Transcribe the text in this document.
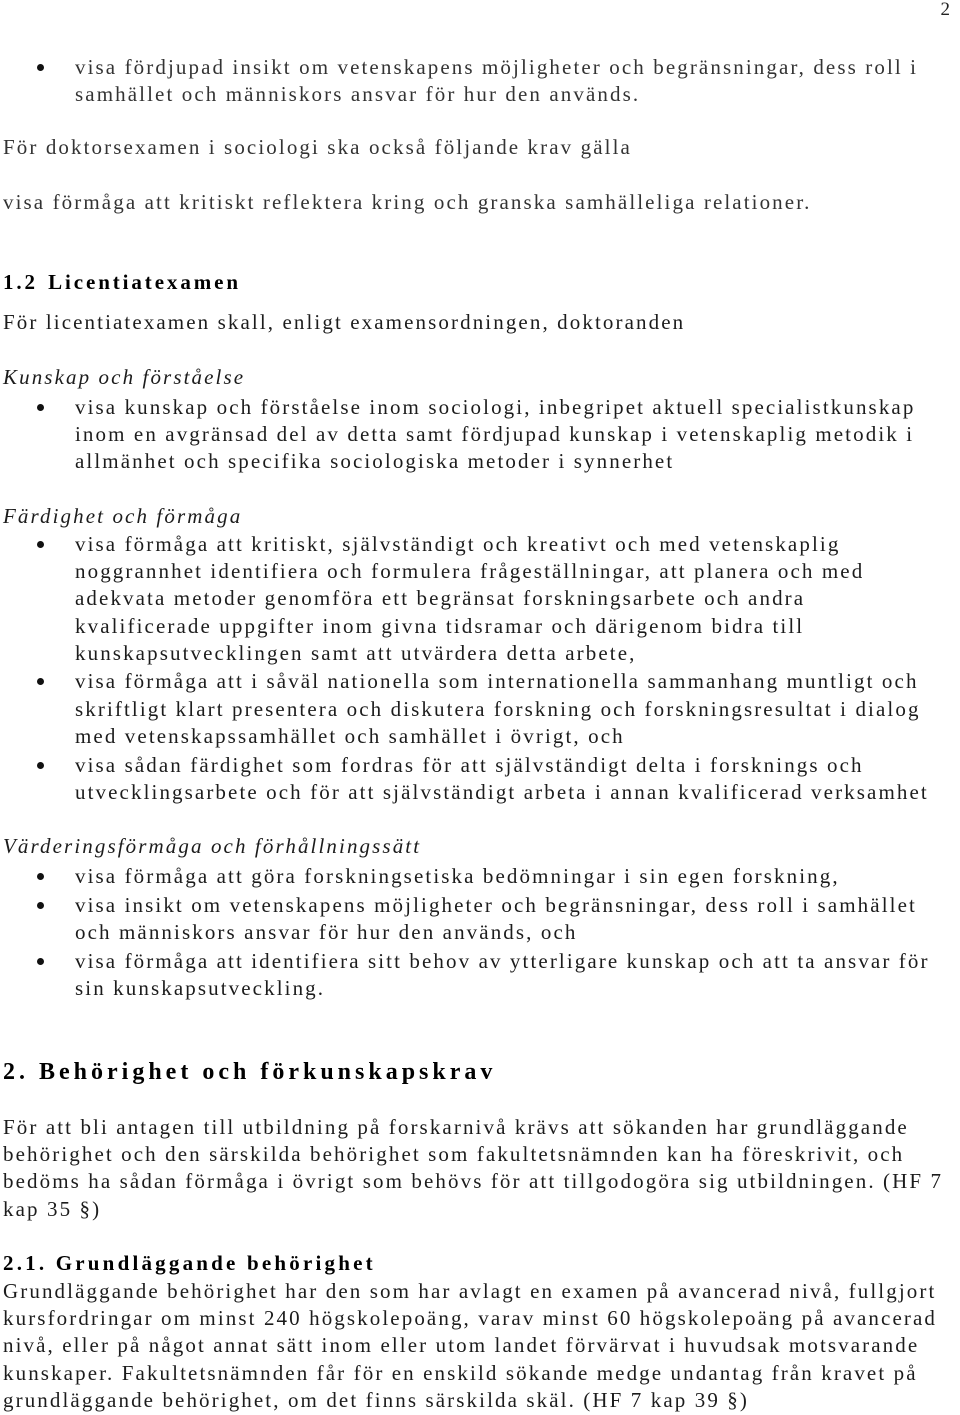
2
visa fördjupad insikt om vetenskapens möjligheter och begränsningar, dess roll i
samhället och människors ansvar för hur den används.
För doktorsexamen i sociologi ska också följande krav gälla
visa förmåga att kritiskt reflektera kring och granska samhälleliga relationer.
1.2 Licentiatexamen
För licentiatexamen skall, enligt examensordningen, doktoranden
Kunskap och förståelse
visa kunskap och förståelse inom sociologi, inbegripet aktuell specialistkunskap
inom en avgränsad del av detta samt fördjupad kunskap i vetenskaplig metodik i
allmänhet och specifika sociologiska metoder i synnerhet
Färdighet och förmåga
visa förmåga att kritiskt, självständigt och kreativt och med vetenskaplig
noggrannhet identifiera och formulera frågeställningar, att planera och med
adekvata metoder genomföra ett begränsat forskningsarbete och andra
kvalificerade uppgifter inom givna tidsramar och därigenom bidra till
kunskapsutvecklingen samt att utvärdera detta arbete,
visa förmåga att i såväl nationella som internationella sammanhang muntligt och
skriftligt klart presentera och diskutera forskning och forskningsresultat i dialog
med vetenskapssamhället och samhället i övrigt, och
visa sådan färdighet som fordras för att självständigt delta i forsknings och
utvecklingsarbete och för att självständigt arbeta i annan kvalificerad verksamhet
Värderingsförmåga och förhållningssätt
visa förmåga att göra forskningsetiska bedömningar i sin egen forskning,
visa insikt om vetenskapens möjligheter och begränsningar, dess roll i samhället
och människors ansvar för hur den används, och
visa förmåga att identifiera sitt behov av ytterligare kunskap och att ta ansvar för
sin kunskapsutveckling.
2. Behörighet och förkunskapskrav
För att bli antagen till utbildning på forskarnivå krävs att sökanden har grundläggande
behörighet och den särskilda behörighet som fakultetsnämnden kan ha föreskrivit, och
bedöms ha sådan förmåga i övrigt som behövs för att tillgodogöra sig utbildningen. (HF 7
kap 35 §)
2.1. Grundläggande behörighet
Grundläggande behörighet har den som har avlagt en examen på avancerad nivå, fullgjort
kursfordringar om minst 240 högskolepoäng, varav minst 60 högskolepoäng på avancerad
nivå, eller på något annat sätt inom eller utom landet förvärvat i huvudsak motsvarande
kunskaper. Fakultetsnämnden får för en enskild sökande medge undantag från kravet på
grundläggande behörighet, om det finns särskilda skäl. (HF 7 kap 39 §)
